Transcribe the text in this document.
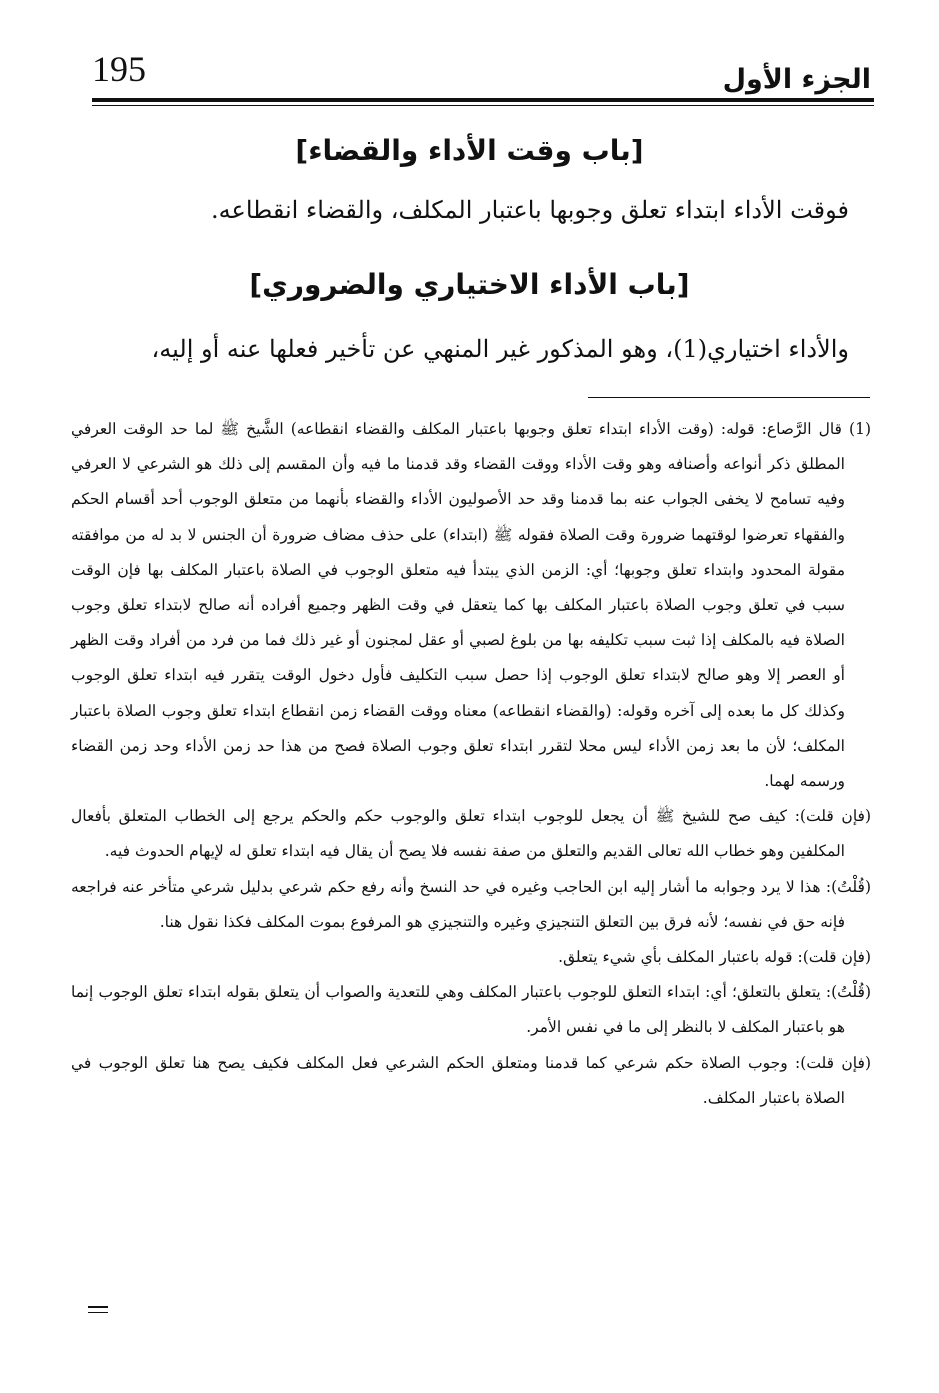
195	الجزء الأول
[باب وقت الأداء والقضاء]
فوقت الأداء ابتداء تعلق وجوبها باعتبار المكلف، والقضاء انقطاعه.
[باب الأداء الاختياري والضروري]
والأداء اختياري(1)، وهو المذكور غير المنهي عن تأخير فعلها عنه أو إليه،

(1) قال الرَّصاع: قوله: (وقت الأداء ابتداء تعلق وجوبها باعتبار المكلف والقضاء انقطاعه) الشَّيخ ﷺ لما حد الوقت العرفي المطلق ذكر أنواعه وأصنافه وهو وقت الأداء ووقت القضاء وقد قدمنا ما فيه وأن المقسم إلى ذلك هو الشرعي لا العرفي وفيه تسامح لا يخفى الجواب عنه بما قدمنا وقد حد الأصوليون الأداء والقضاء بأنهما من متعلق الوجوب أحد أقسام الحكم والفقهاء تعرضوا لوقتهما ضرورة وقت الصلاة فقوله ﷺ (ابتداء) على حذف مضاف ضرورة أن الجنس لا بد له من موافقته مقولة المحدود وابتداء تعلق وجوبها؛ أي: الزمن الذي يبتدأ فيه متعلق الوجوب في الصلاة باعتبار المكلف بها فإن الوقت سبب في تعلق وجوب الصلاة باعتبار المكلف بها كما يتعقل في وقت الظهر وجميع أفراده أنه صالح لابتداء تعلق وجوب الصلاة فيه بالمكلف إذا ثبت سبب تكليفه بها من بلوغ لصبي أو عقل لمجنون أو غير ذلك فما من فرد من أفراد وقت الظهر أو العصر إلا وهو صالح لابتداء تعلق الوجوب إذا حصل سبب التكليف فأول دخول الوقت يتقرر فيه ابتداء تعلق الوجوب وكذلك كل ما بعده إلى آخره وقوله: (والقضاء انقطاعه) معناه ووقت القضاء زمن انقطاع ابتداء تعلق وجوب الصلاة باعتبار المكلف؛ لأن ما بعد زمن الأداء ليس محلا لتقرر ابتداء تعلق وجوب الصلاة فصح من هذا حد زمن الأداء وحد زمن القضاء ورسمه لهما.

(فإن قلت): كيف صح للشيخ ﷺ أن يجعل للوجوب ابتداء تعلق والوجوب حكم والحكم يرجع إلى الخطاب المتعلق بأفعال المكلفين وهو خطاب الله تعالى القديم والتعلق من صفة نفسه فلا يصح أن يقال فيه ابتداء تعلق له لإيهام الحدوث فيه.

(قُلْتُ): هذا لا يرد وجوابه ما أشار إليه ابن الحاجب وغيره في حد النسخ وأنه رفع حكم شرعي بدليل شرعي متأخر عنه فراجعه فإنه حق في نفسه؛ لأنه فرق بين التعلق التنجيزي وغيره والتنجيزي هو المرفوع بموت المكلف فكذا نقول هنا.

(فإن قلت): قوله باعتبار المكلف بأي شيء يتعلق.

(قُلْتُ): يتعلق بالتعلق؛ أي: ابتداء التعلق للوجوب باعتبار المكلف وهي للتعدية والصواب أن يتعلق بقوله ابتداء تعلق الوجوب إنما هو باعتبار المكلف لا بالنظر إلى ما في نفس الأمر.

(فإن قلت): وجوب الصلاة حكم شرعي كما قدمنا ومتعلق الحكم الشرعي فعل المكلف فكيف يصح هنا تعلق الوجوب في الصلاة باعتبار المكلف.
